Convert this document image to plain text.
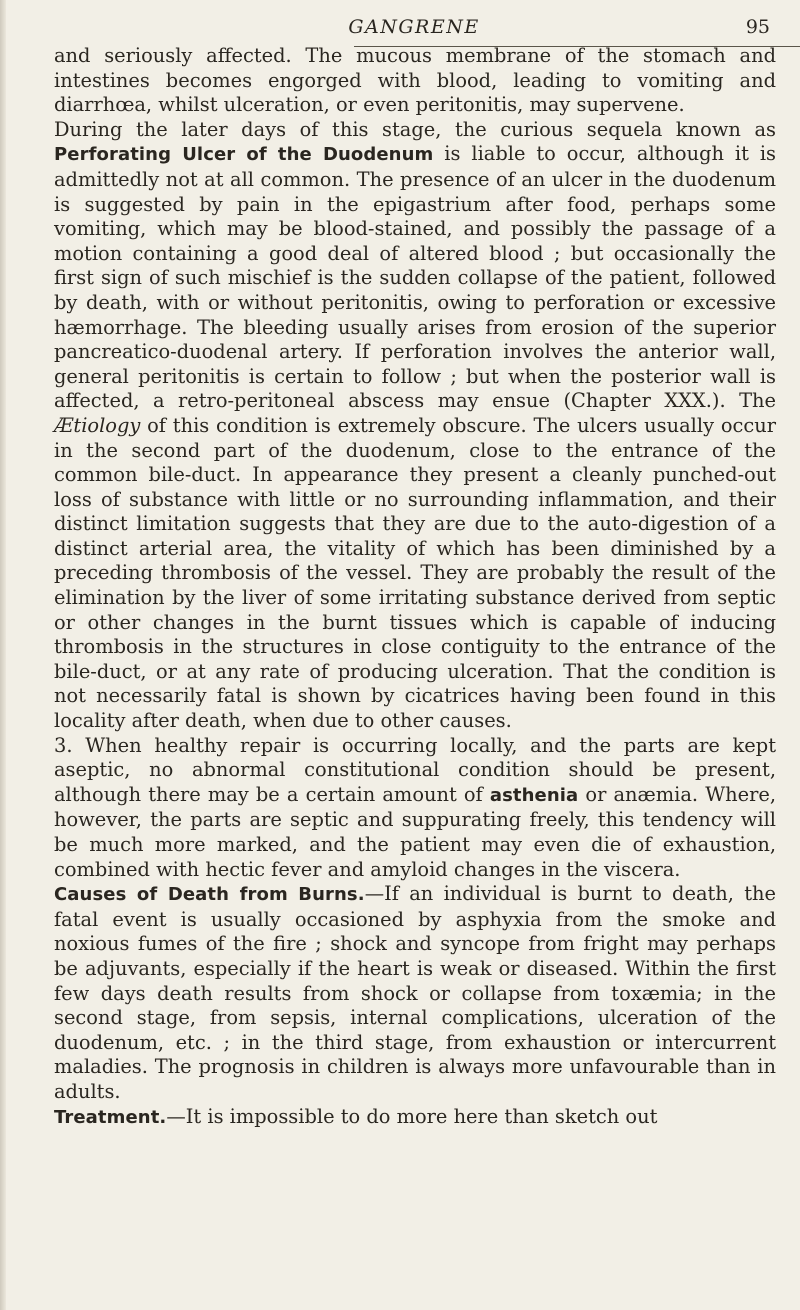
GANGRENE	95

and seriously affected. The mucous membrane of the stomach and intestines becomes engorged with blood, leading to vomiting and diarrhœa, whilst ulceration, or even peritonitis, may supervene.

During the later days of this stage, the curious sequela known as Perforating Ulcer of the Duodenum is liable to occur, although it is admittedly not at all common. The presence of an ulcer in the duodenum is suggested by pain in the epigastrium after food, perhaps some vomiting, which may be blood-stained, and possibly the passage of a motion containing a good deal of altered blood ; but occasionally the first sign of such mischief is the sudden collapse of the patient, followed by death, with or without peritonitis, owing to perforation or excessive hæmorrhage. The bleeding usually arises from erosion of the superior pancreatico-duodenal artery. If perforation involves the anterior wall, general peritonitis is certain to follow ; but when the posterior wall is affected, a retro-peritoneal abscess may ensue (Chapter XXX.). The Ætiology of this condition is extremely obscure. The ulcers usually occur in the second part of the duodenum, close to the entrance of the common bile-duct. In appearance they present a cleanly punched-out loss of substance with little or no surrounding inflammation, and their distinct limitation suggests that they are due to the auto-digestion of a distinct arterial area, the vitality of which has been diminished by a preceding thrombosis of the vessel. They are probably the result of the elimination by the liver of some irritating substance derived from septic or other changes in the burnt tissues which is capable of inducing thrombosis in the structures in close contiguity to the entrance of the bile-duct, or at any rate of producing ulceration. That the condition is not necessarily fatal is shown by cicatrices having been found in this locality after death, when due to other causes.

3. When healthy repair is occurring locally, and the parts are kept aseptic, no abnormal constitutional condition should be present, although there may be a certain amount of asthenia or anæmia. Where, however, the parts are septic and suppurating freely, this tendency will be much more marked, and the patient may even die of exhaustion, combined with hectic fever and amyloid changes in the viscera.

Causes of Death from Burns.—If an individual is burnt to death, the fatal event is usually occasioned by asphyxia from the smoke and noxious fumes of the fire ; shock and syncope from fright may perhaps be adjuvants, especially if the heart is weak or diseased. Within the first few days death results from shock or collapse from toxæmia; in the second stage, from sepsis, internal complications, ulceration of the duodenum, etc. ; in the third stage, from exhaustion or intercurrent maladies. The prognosis in children is always more unfavourable than in adults.

Treatment.—It is impossible to do more here than sketch out
